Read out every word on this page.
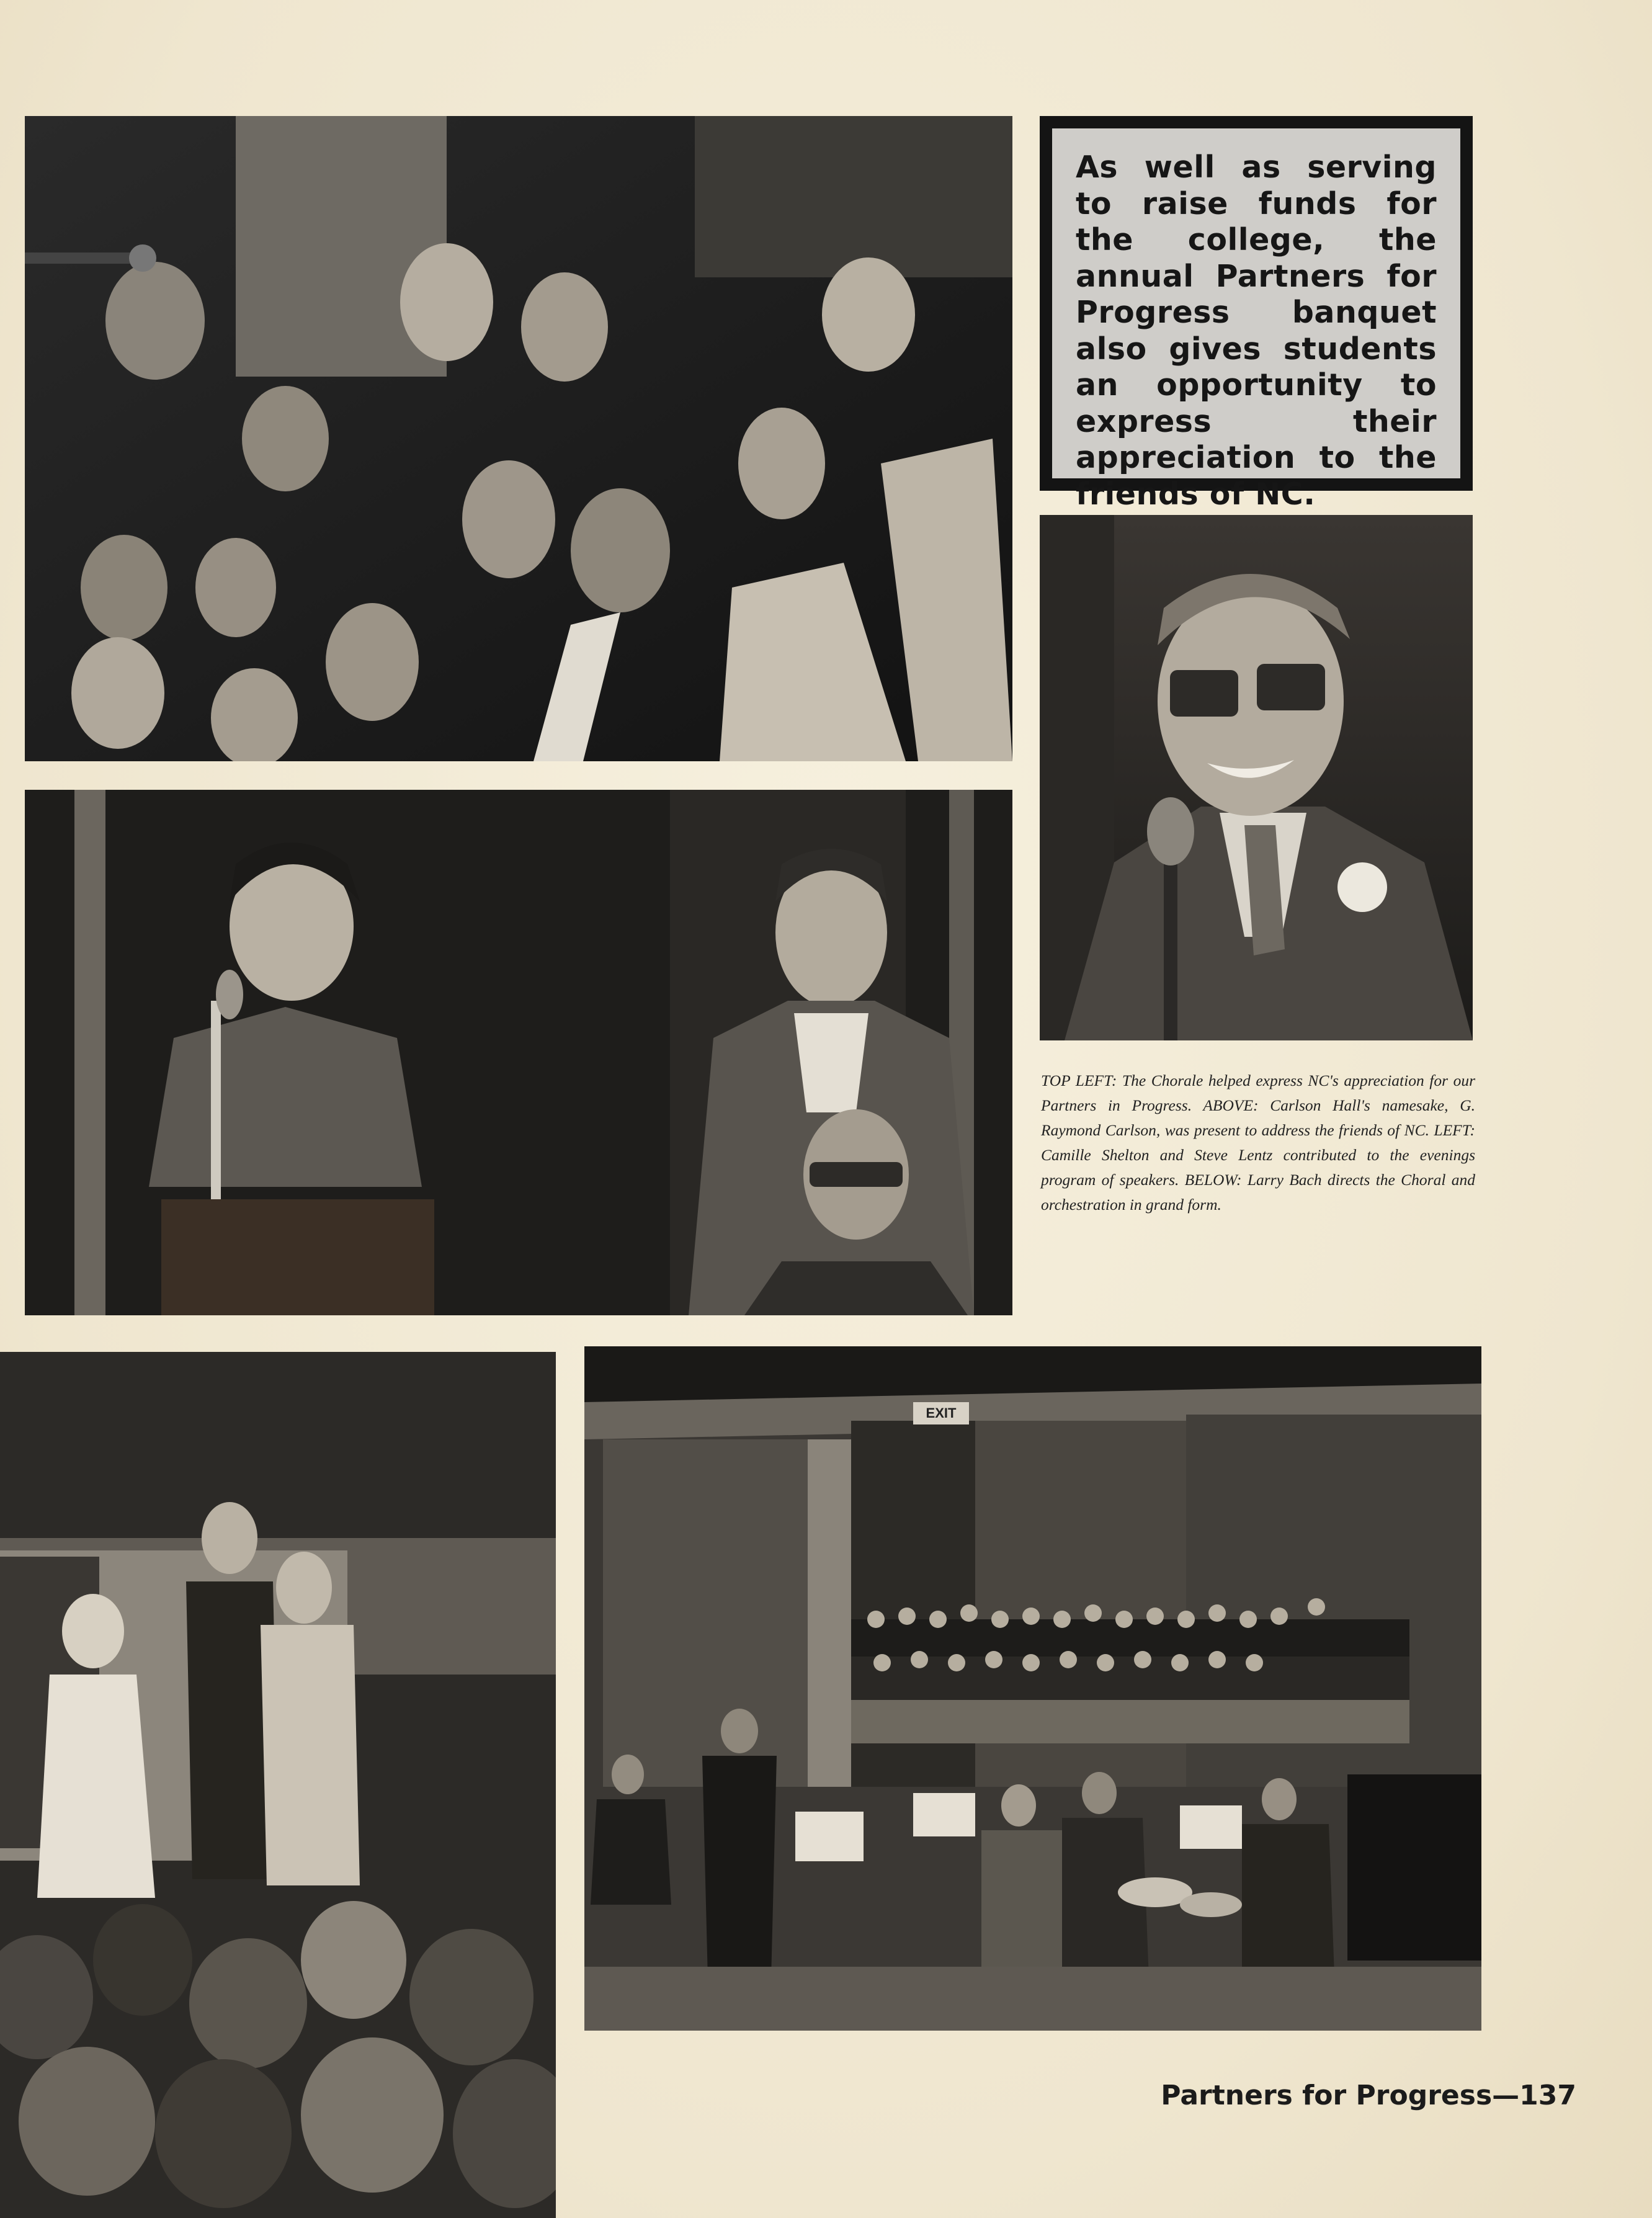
As well as serving to raise funds for the college, the annual Partners for Progress banquet also gives students an opportunity to express their appreciation to the friends of NC.
TOP LEFT: The Chorale helped express NC's appreciation for our Partners in Progress. ABOVE: Carlson Hall's namesake, G. Raymond Carlson, was present to address the friends of NC. LEFT: Camille Shelton and Steve Lentz contributed to the evenings program of speakers. BELOW: Larry Bach directs the Choral and orchestration in grand form.
EXIT
Partners for Progress—137
